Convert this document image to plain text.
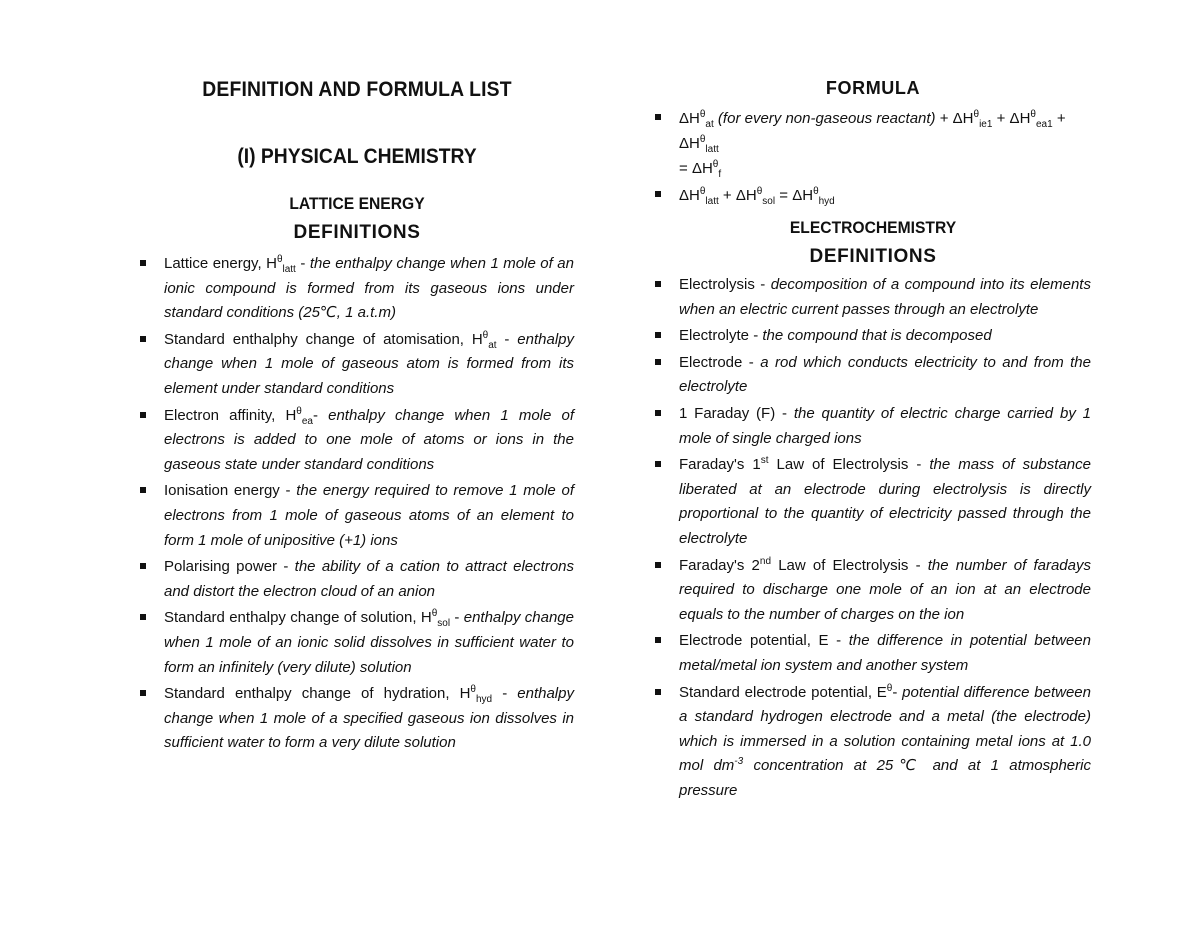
DEFINITION AND FORMULA LIST
(I) PHYSICAL CHEMISTRY
LATTICE ENERGY
DEFINITIONS
Lattice energy, $H^\theta_{latt}$ - the enthalpy change when 1 mole of an ionic compound is formed from its gaseous ions under standard conditions (25℃, 1 a.t.m)
Standard enthalphy change of atomisation, $H^\theta_{at}$ - enthalpy change when 1 mole of gaseous atom is formed from its element under standard conditions
Electron affinity, $H^\theta_{ea}-$ enthalpy change when 1 mole of electrons is added to one mole of atoms or ions in the gaseous state under standard conditions
Ionisation energy - the energy required to remove 1 mole of electrons from 1 mole of gaseous atoms of an element to form 1 mole of unipositive (+1) ions
Polarising power - the ability of a cation to attract electrons and distort the electron cloud of an anion
Standard enthalpy change of solution, $H^\theta_{sol}$ - enthalpy change when 1 mole of an ionic solid dissolves in sufficient water to form an infinitely (very dilute) solution
Standard enthalpy change of hydration, $H^\theta_{hyd}$ - enthalpy change when 1 mole of a specified gaseous ion dissolves in sufficient water to form a very dilute solution
FORMULA
$\Delta H^\theta_{at}$ (for every non-gaseous reactant) + $\Delta H^\theta_{ie1} + \Delta H^\theta_{ea1} + \Delta H^\theta_{latt}$
= $\Delta H^\theta_f$
$\Delta H^\theta_{latt} + \Delta H^\theta_{sol} = \Delta H^\theta_{hyd}$
ELECTROCHEMISTRY
DEFINITIONS
Electrolysis - decomposition of a compound into its elements when an electric current passes through an electrolyte
Electrolyte - the compound that is decomposed
Electrode - a rod which conducts electricity to and from the electrolyte
1 Faraday (F) - the quantity of electric charge carried by 1 mole of single charged ions
Faraday's 1st Law of Electrolysis - the mass of substance liberated at an electrode during electrolysis is directly proportional to the quantity of electricity passed through the electrolyte
Faraday's 2nd Law of Electrolysis - the number of faradays required to discharge one mole of an ion at an electrode equals to the number of charges on the ion
Electrode potential, E - the difference in potential between metal/metal ion system and another system
Standard electrode potential, $E^\theta-$ potential difference between a standard hydrogen electrode and a metal (the electrode) which is immersed in a solution containing metal ions at 1.0 mol $dm^{-3}$ concentration at 25℃ and at 1 atmospheric pressure
